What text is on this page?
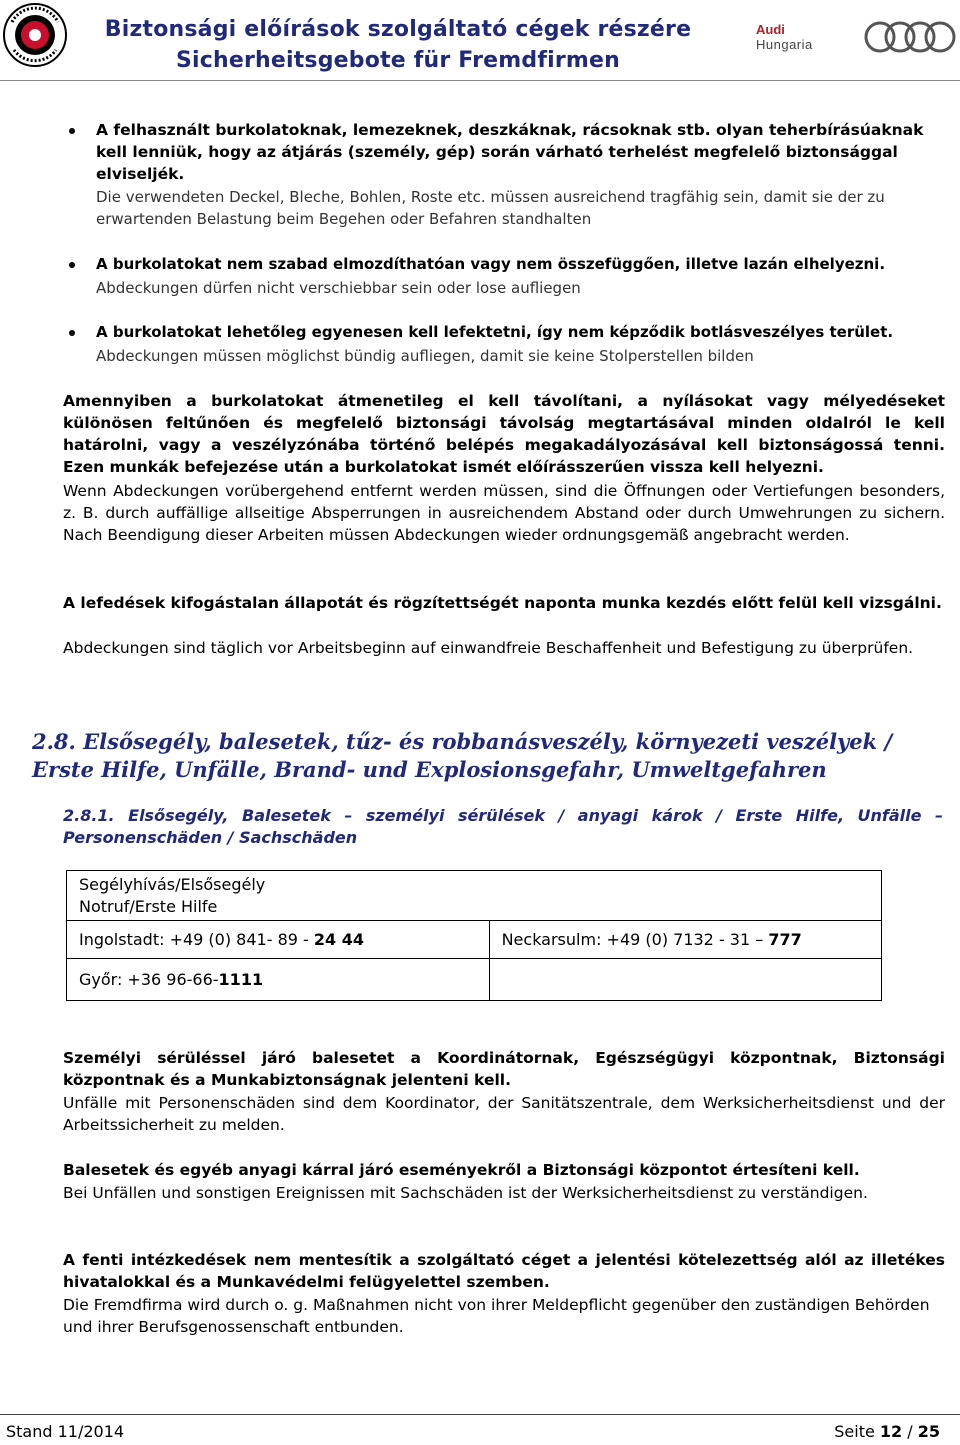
Biztonsági előírások szolgáltató cégek részére
Sicherheitsgebote für Fremdfirmen
Audi
Hungaria
A felhasznált burkolatoknak, lemezeknek, deszkáknak, rácsoknak stb. olyan teherbírásúaknak kell lenniük, hogy az átjárás (személy, gép) során várható terhelést megfelelő biztonsággal elviseljék.
Die verwendeten Deckel, Bleche, Bohlen, Roste etc. müssen ausreichend tragfähig sein, damit sie der zu erwartenden Belastung beim Begehen oder Befahren standhalten
A burkolatokat nem szabad elmozdíthatóan vagy nem összefüggően, illetve lazán elhelyezni.
Abdeckungen dürfen nicht verschiebbar sein oder lose aufliegen
A burkolatokat lehetőleg egyenesen kell lefektetni, így nem képződik botlásveszélyes terület.
Abdeckungen müssen möglichst bündig aufliegen, damit sie keine Stolperstellen bilden
Amennyiben a burkolatokat átmenetileg el kell távolítani, a nyílásokat vagy mélyedéseket különösen feltűnően és megfelelő biztonsági távolság megtartásával minden oldalról le kell határolni, vagy a veszélyzónába történő belépés megakadályozásával kell biztonságossá tenni. Ezen munkák befejezése után a burkolatokat ismét előírásszerűen vissza kell helyezni.
Wenn Abdeckungen vorübergehend entfernt werden müssen, sind die Öffnungen oder Vertiefungen besonders, z. B. durch auffällige allseitige Absperrungen in ausreichendem Abstand oder durch Umwehrungen zu sichern. Nach Beendigung dieser Arbeiten müssen Abdeckungen wieder ordnungsgemäß angebracht werden.
A lefedések kifogástalan állapotát és rögzítettségét naponta munka kezdés előtt felül kell vizsgálni.
Abdeckungen sind täglich vor Arbeitsbeginn auf einwandfreie Beschaffenheit und Befestigung zu überprüfen.
2.8. Elsősegély, balesetek, tűz- és robbanásveszély, környezeti veszélyek / Erste Hilfe, Unfälle, Brand- und Explosionsgefahr, Umweltgefahren
2.8.1. Elsősegély, Balesetek – személyi sérülések / anyagi károk / Erste Hilfe, Unfälle – Personenschäden / Sachschäden
Segélyhívás/Elsősegély
Notruf/Erste Hilfe	

Ingolstadt: +49 (0) 841- 89 - 24 44	Neckarsulm: +49 (0) 7132 - 31 – 777
Győr: +36 96-66-1111	
Személyi sérüléssel járó balesetet a Koordinátornak, Egészségügyi központnak, Biztonsági központnak és a Munkabiztonságnak jelenteni kell.
Unfälle mit Personenschäden sind dem Koordinator, der Sanitätszentrale, dem Werksicherheitsdienst und der Arbeitssicherheit zu melden.
Balesetek és egyéb anyagi kárral járó eseményekről a Biztonsági központot értesíteni kell.
Bei Unfällen und sonstigen Ereignissen mit Sachschäden ist der Werksicherheitsdienst zu verständigen.
A fenti intézkedések nem mentesítik a szolgáltató céget a jelentési kötelezettség alól az illetékes hivatalokkal és a Munkavédelmi felügyelettel szemben.
Die Fremdfirma wird durch o. g. Maßnahmen nicht von ihrer Meldepflicht gegenüber den zuständigen Behörden und ihrer Berufsgenossenschaft entbunden.
Stand 11/2014	Seite 12 / 25
